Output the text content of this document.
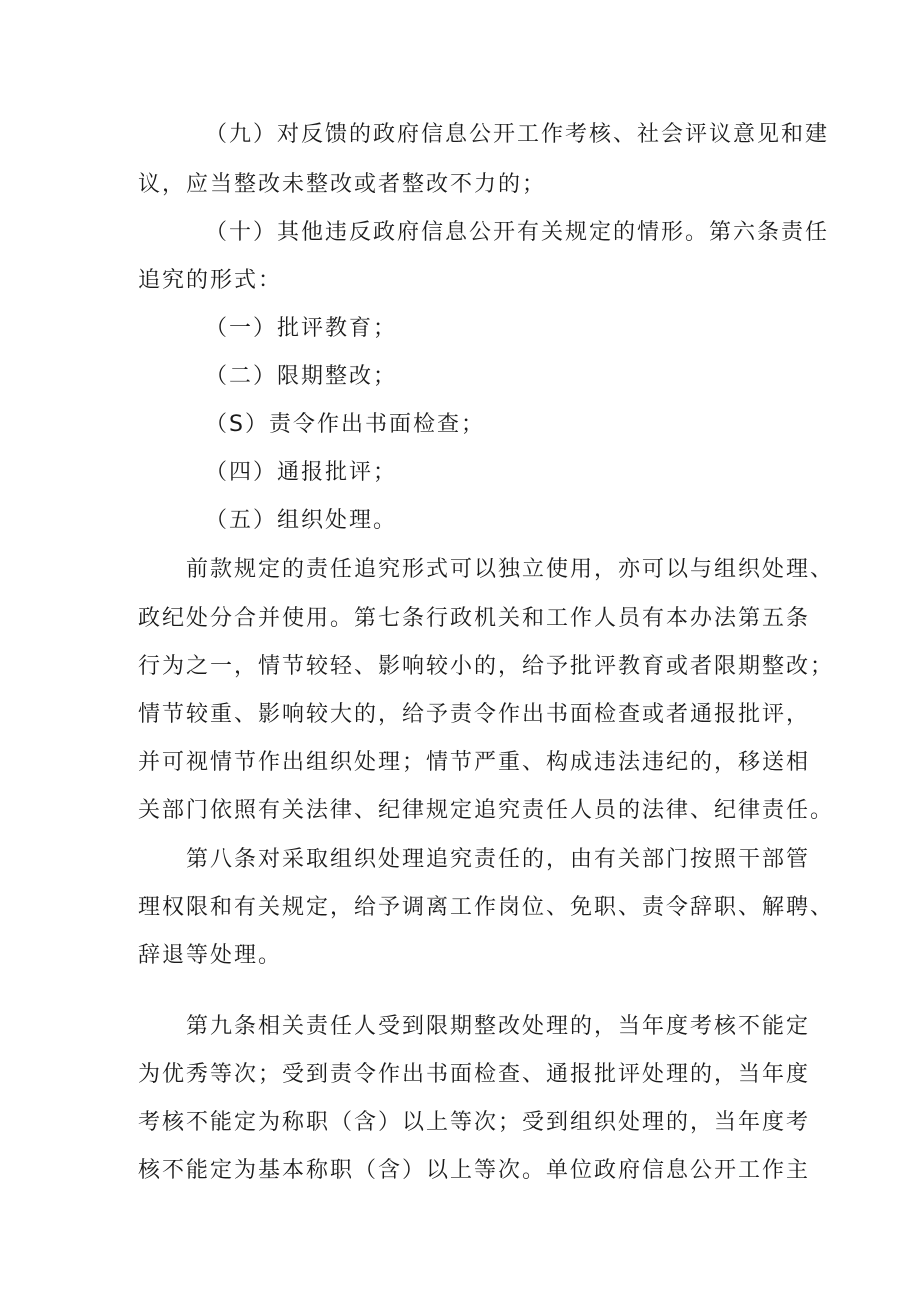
（九）对反馈的政府信息公开工作考核、社会评议意见和建
议，应当整改未整改或者整改不力的；
（十）其他违反政府信息公开有关规定的情形。第六条责任
追究的形式：
（一）批评教育；
（二）限期整改；
（S）责令作出书面检查；
（四）通报批评；
（五）组织处理。
前款规定的责任追究形式可以独立使用，亦可以与组织处理、
政纪处分合并使用。第七条行政机关和工作人员有本办法第五条
行为之一，情节较轻、影响较小的，给予批评教育或者限期整改；
情节较重、影响较大的，给予责令作出书面检查或者通报批评，
并可视情节作出组织处理；情节严重、构成违法违纪的，移送相
关部门依照有关法律、纪律规定追究责任人员的法律、纪律责任。
第八条对采取组织处理追究责任的，由有关部门按照干部管
理权限和有关规定，给予调离工作岗位、免职、责令辞职、解聘、
辞退等处理。
第九条相关责任人受到限期整改处理的，当年度考核不能定
为优秀等次；受到责令作出书面检查、通报批评处理的，当年度
考核不能定为称职（含）以上等次；受到组织处理的，当年度考
核不能定为基本称职（含）以上等次。单位政府信息公开工作主
